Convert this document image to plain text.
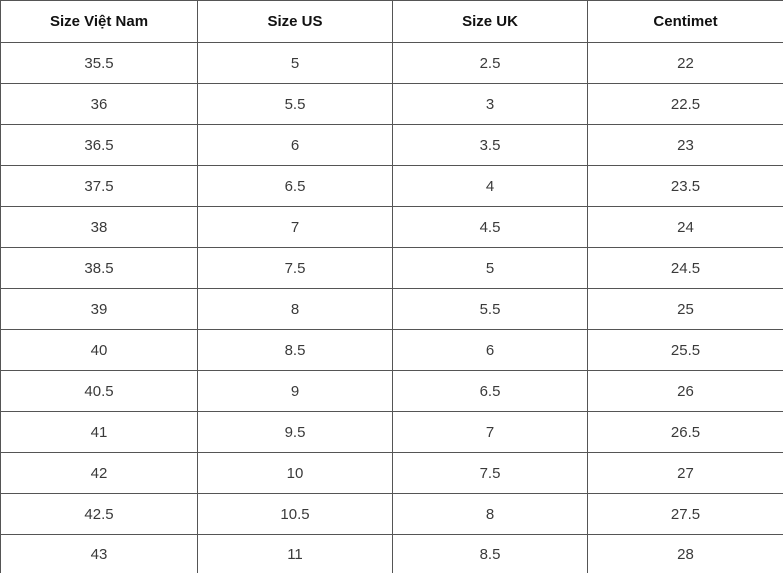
Size Việt Nam	Size US	Size UK	Centimet
35.5	5	2.5	22
36	5.5	3	22.5
36.5	6	3.5	23
37.5	6.5	4	23.5
38	7	4.5	24
38.5	7.5	5	24.5
39	8	5.5	25
40	8.5	6	25.5
40.5	9	6.5	26
41	9.5	7	26.5
42	10	7.5	27
42.5	10.5	8	27.5
43	11	8.5	28
